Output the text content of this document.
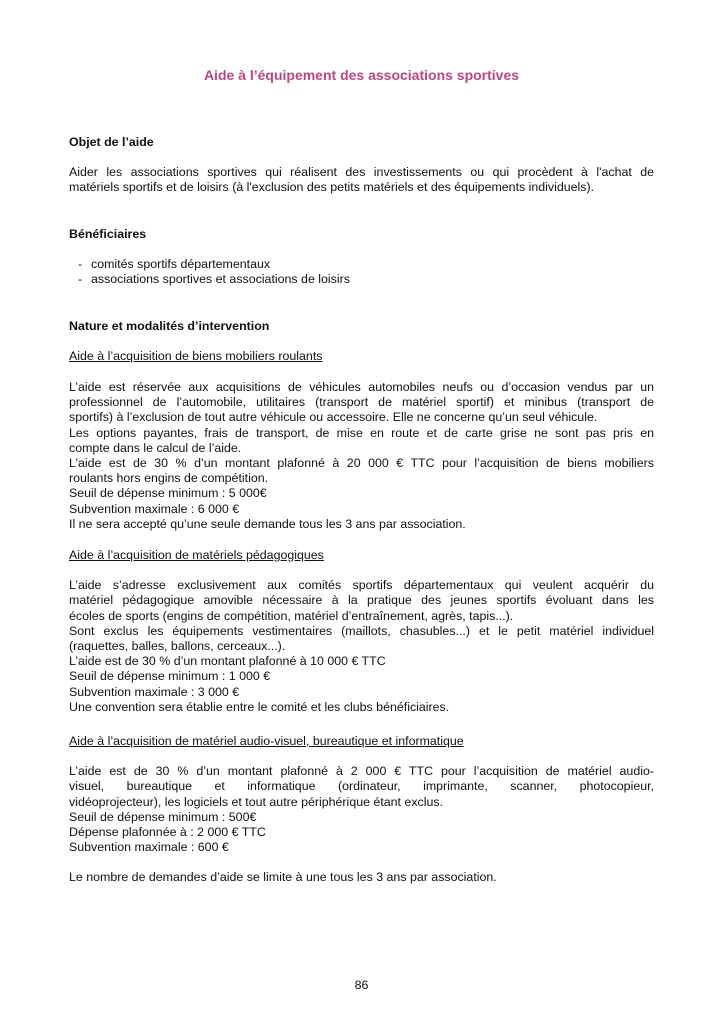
Aide à l’équipement des associations sportives

Objet de l’aide

Aider les associations sportives qui réalisent des investissements ou qui procèdent à l'achat de

matériels sportifs et de loisirs (à l'exclusion des petits matériels et des équipements individuels).

Bénéficiaires

- comités sportifs départementaux
- associations sportives et associations de loisirs

Nature et modalités d’intervention

Aide à l’acquisition de biens mobiliers roulants

L’aide est réservée aux acquisitions de véhicules automobiles neufs ou d’occasion vendus par un

professionnel de l’automobile, utilitaires (transport de matériel sportif) et minibus (transport de

sportifs) à l’exclusion de tout autre véhicule ou accessoire. Elle ne concerne qu’un seul véhicule.

Les options payantes, frais de transport, de mise en route et de carte grise ne sont pas pris en

compte dans le calcul de l’aide.

L’aide est de 30 % d’un montant plafonné à 20 000 € TTC pour l’acquisition de biens mobiliers

roulants hors engins de compétition.

Seuil de dépense minimum : 5 000€

Subvention maximale : 6 000 €

Il ne sera accepté qu’une seule demande tous les 3 ans par association.

Aide à l’acquisition de matériels pédagogiques

L’aide s’adresse exclusivement aux comités sportifs départementaux qui veulent acquérir du

matériel pédagogique amovible nécessaire à la pratique des jeunes sportifs évoluant dans les

écoles de sports (engins de compétition, matériel d’entraînement, agrès, tapis...).

Sont exclus les équipements vestimentaires (maillots, chasubles...) et le petit matériel individuel

(raquettes, balles, ballons, cerceaux...).

L’aide est de 30 % d’un montant plafonné à 10 000 € TTC

Seuil de dépense minimum : 1 000 €

Subvention maximale : 3 000 €

Une convention sera établie entre le comité et les clubs bénéficiaires.

Aide à l’acquisition de matériel audio-visuel, bureautique et informatique

L’aide est de 30 % d’un montant plafonné à 2 000 € TTC pour l’acquisition de matériel audio-

visuel, bureautique et informatique (ordinateur, imprimante, scanner, photocopieur,

vidéoprojecteur), les logiciels et tout autre périphérique étant exclus.

Seuil de dépense minimum : 500€

Dépense plafonnée à : 2 000 € TTC

Subvention maximale : 600 €

Le nombre de demandes d’aide se limite à une tous les 3 ans par association.

86
